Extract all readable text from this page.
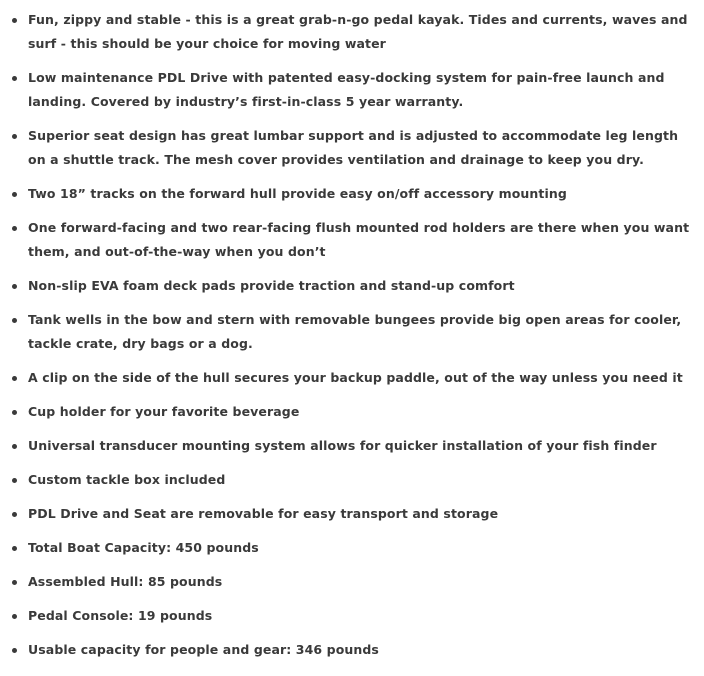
Fun, zippy and stable - this is a great grab-n-go pedal kayak. Tides and currents, waves and surf - this should be your choice for moving water
Low maintenance PDL Drive with patented easy-docking system for pain-free launch and landing. Covered by industry’s first-in-class 5 year warranty.
Superior seat design has great lumbar support and is adjusted to accommodate leg length on a shuttle track. The mesh cover provides ventilation and drainage to keep you dry.
Two 18” tracks on the forward hull provide easy on/off accessory mounting
One forward-facing and two rear-facing flush mounted rod holders are there when you want them, and out-of-the-way when you don’t
Non-slip EVA foam deck pads provide traction and stand-up comfort
Tank wells in the bow and stern with removable bungees provide big open areas for cooler, tackle crate, dry bags or a dog.
A clip on the side of the hull secures your backup paddle, out of the way unless you need it
Cup holder for your favorite beverage
Universal transducer mounting system allows for quicker installation of your fish finder
Custom tackle box included
PDL Drive and Seat are removable for easy transport and storage
Total Boat Capacity: 450 pounds
Assembled Hull: 85 pounds
Pedal Console: 19 pounds
Usable capacity for people and gear: 346 pounds
